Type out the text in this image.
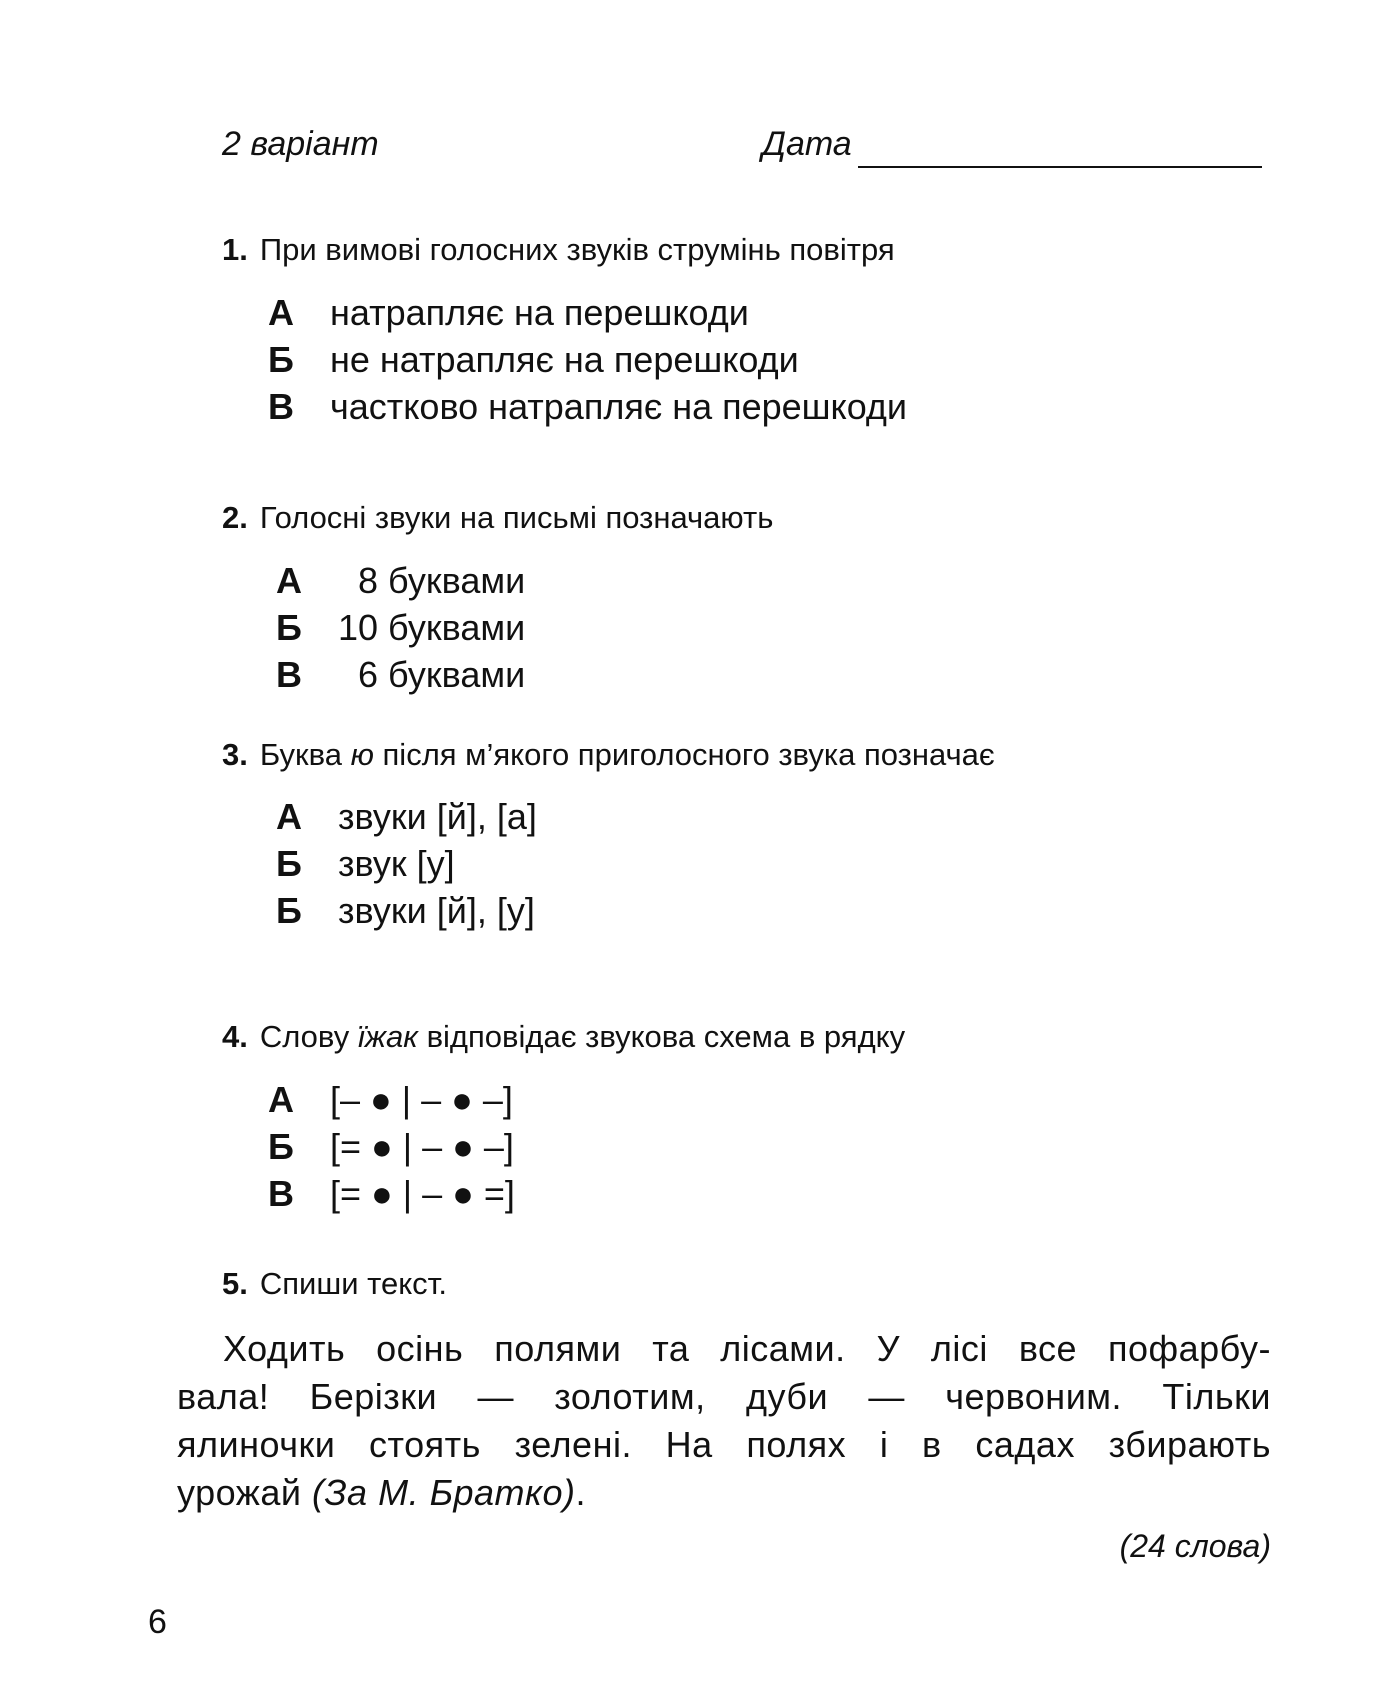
2 варіант	Дата
1. При вимові голосних звуків струмінь повітря
А натрапляє на перешкоди
Б не натрапляє на перешкоди
В частково натрапляє на перешкоди
2. Голосні звуки на письмі позначають
А 8 буквами
Б 10 буквами
В 6 буквами
3. Буква ю після м’якого приголосного звука позначає
А звуки [й], [а]
Б звук [у]
Б звуки [й], [у]
4. Слову їжак відповідає звукова схема в рядку
А [– ● | – ● –]
Б [= ● | – ● –]
В [= ● | – ● =]
5. Спиши текст.
Ходить осінь полями та лісами. У лісі все пофарбу-
вала! Берізки — золотим, дуби — червоним. Тільки
ялиночки стоять зелені. На полях і в садах збирають
урожай (За М. Братко).
(24 слова)
6
